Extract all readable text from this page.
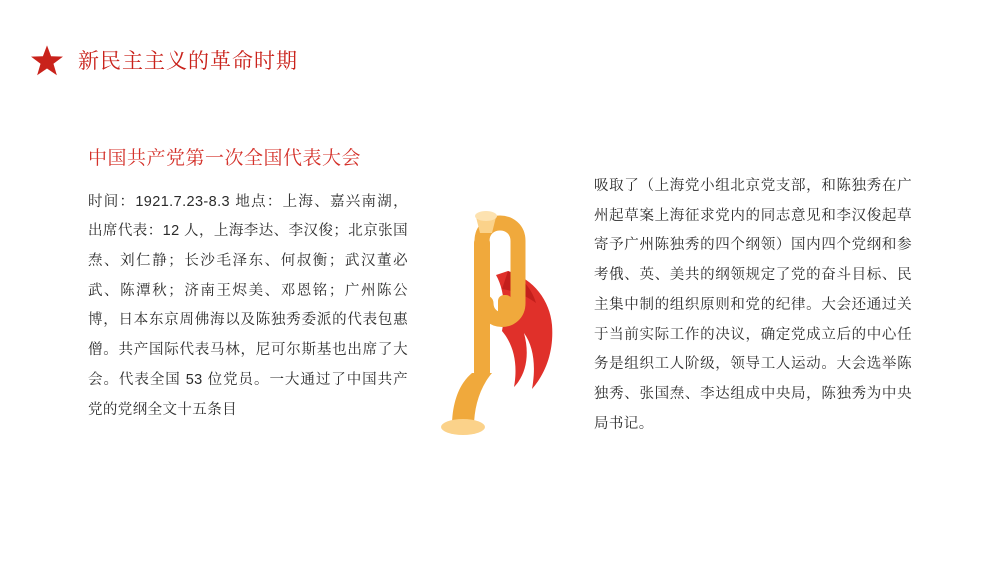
新民主主义的革命时期
中国共产党第一次全国代表大会
时间：1921.7.23-8.3 地点：上海、嘉兴南湖，出席代表：12 人，上海李达、李汉俊；北京张国焘、刘仁静；长沙毛泽东、何叔衡；武汉董必武、陈潭秋；济南王烬美、邓恩铭；广州陈公博，日本东京周佛海以及陈独秀委派的代表包惠僧。共产国际代表马林，尼可尔斯基也出席了大会。代表全国 53 位党员。一大通过了中国共产党的党纲全文十五条目
吸取了（上海党小组北京党支部，和陈独秀在广州起草案上海征求党内的同志意见和李汉俊起草寄予广州陈独秀的四个纲领）国内四个党纲和参考俄、英、美共的纲领规定了党的奋斗目标、民主集中制的组织原则和党的纪律。大会还通过关于当前实际工作的决议，确定党成立后的中心任务是组织工人阶级，领导工人运动。大会选举陈独秀、张国焘、李达组成中央局，陈独秀为中央局书记。
